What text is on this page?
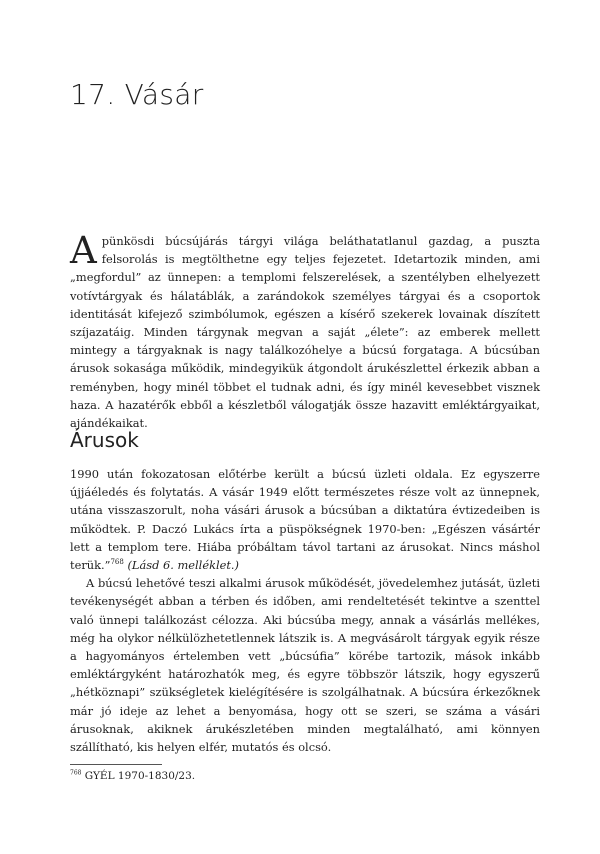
17. Vásár
Apünkösdi búcsújárás tárgyi világa beláthatatlanul gazdag, a puszta felsorolás is megtölthetne egy teljes fejezetet. Idetartozik minden, ami „megfordul” az ünnepen: a templomi felszerelések, a szentélyben elhelyezett votívtárgyak és hálatáblák, a zarándokok személyes tárgyai és a csoportok identitását kifejező szimbólumok, egészen a kísérő szekerek lovainak díszített szíjazatáig. Minden tárgynak megvan a saját „élete”: az emberek mellett mintegy a tárgyaknak is nagy találkozóhelye a búcsú forgataga. A búcsúban árusok sokasága működik, mindegyikük átgondolt árukészlettel érkezik abban a reményben, hogy minél többet el tudnak adni, és így minél kevesebbet visznek haza. A hazatérők ebből a készletből válogatják össze hazavitt emléktárgyaikat, ajándékaikat.
Árusok

1990 után fokozatosan előtérbe került a búcsú üzleti oldala. Ez egyszerre újjáéledés és folytatás. A vásár 1949 előtt természetes része volt az ünnepnek, utána visszaszorult, noha vásári árusok a búcsúban a diktatúra évtizedeiben is működtek. P. Daczó Lukács írta a püspökségnek 1970-ben: „Egészen vásártér lett a templom tere. Hiába próbáltam távol tartani az árusokat. Nincs máshol terük.”$^{768}$ (Lásd 6. melléklet.)

A búcsú lehetővé teszi alkalmi árusok működését, jövedelemhez jutását, üzleti tevékenységét abban a térben és időben, ami rendeltetését tekintve a szenttel való ünnepi találkozást célozza. Aki búcsúba megy, annak a vásárlás mellékes, még ha olykor nélkülözhetetlennek látszik is. A megvásárolt tárgyak egyik része a hagyományos értelemben vett „búcsúfia” körébe tartozik, mások inkább emléktárgyként határozhatók meg, és egyre többször látszik, hogy egyszerű „hétköznapi” szükségletek kielégítésére is szolgálhatnak. A búcsúra érkezőknek már jó ideje az lehet a benyomása, hogy ott se szeri, se száma a vásári árusoknak, akiknek árukészletében minden megtalálható, ami könnyen szállítható, kis helyen elfér, mutatós és olcsó.

$^{768}$ GYÉL 1970-1830/23.
